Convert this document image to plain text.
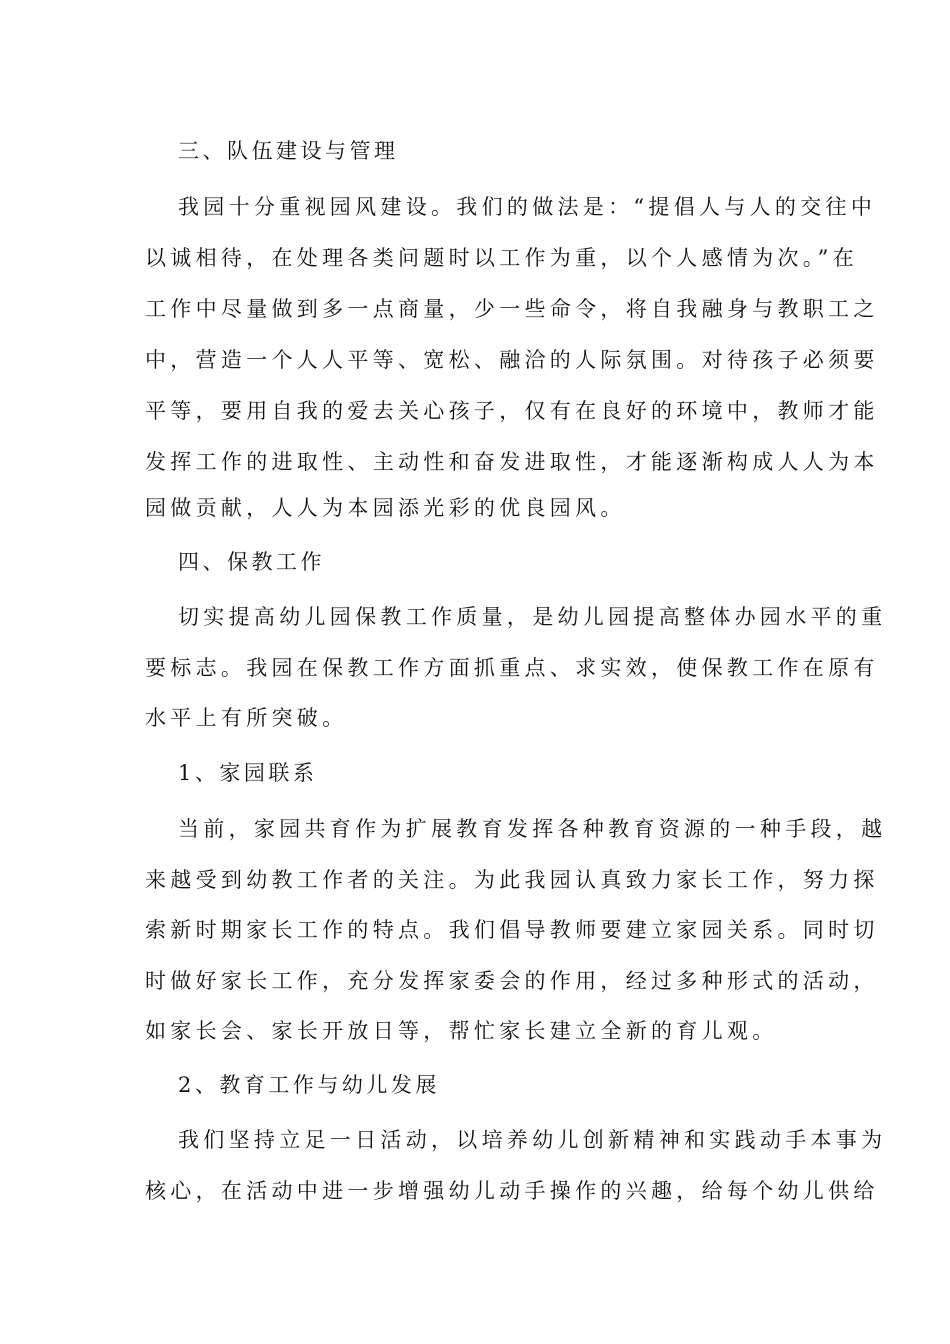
三、队伍建设与管理
我园十分重视园风建设。我们的做法是：“提倡人与人的交往中
以诚相待，在处理各类问题时以工作为重，以个人感情为次。”在
工作中尽量做到多一点商量，少一些命令，将自我融身与教职工之
中，营造一个人人平等、宽松、融洽的人际氛围。对待孩子必须要
平等，要用自我的爱去关心孩子，仅有在良好的环境中，教师才能
发挥工作的进取性、主动性和奋发进取性，才能逐渐构成人人为本
园做贡献，人人为本园添光彩的优良园风。
四、保教工作
切实提高幼儿园保教工作质量，是幼儿园提高整体办园水平的重
要标志。我园在保教工作方面抓重点、求实效，使保教工作在原有
水平上有所突破。
1、家园联系
当前，家园共育作为扩展教育发挥各种教育资源的一种手段，越
来越受到幼教工作者的关注。为此我园认真致力家长工作，努力探
索新时期家长工作的特点。我们倡导教师要建立家园关系。同时切
时做好家长工作，充分发挥家委会的作用，经过多种形式的活动，
如家长会、家长开放日等，帮忙家长建立全新的育儿观。
2、教育工作与幼儿发展
我们坚持立足一日活动，以培养幼儿创新精神和实践动手本事为
核心，在活动中进一步增强幼儿动手操作的兴趣，给每个幼儿供给
